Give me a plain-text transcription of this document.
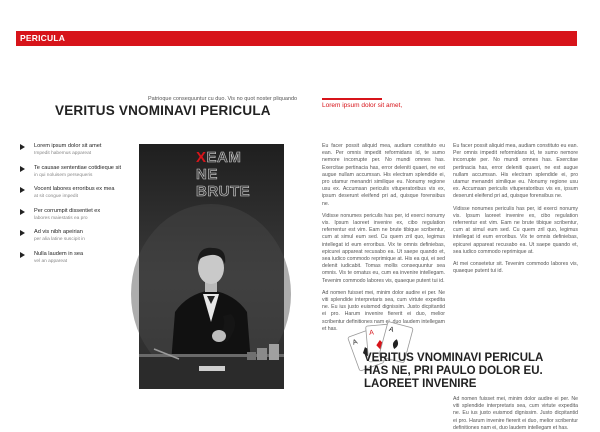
PERICULA
Patrioque consequuntur cu duo. Vis no quot noster pliquando
VERITUS VNOMINAVI PERICULA
Lorem ipsum dolor sit amet
Impedit habemus appareat
Te causae sententiae cotidieque sit
in qui noluisem persequeris
Vocent labores erroribus ex mea
at sit congue impedit
Per corrumpit dissentiet ex
labores maiestatis ea pro
Ad vis nibh apeirian
per alia latine suscipit in
Nulla laudem in sea
vel an appareat
XEAM
NE
BRUTE
Lorem ipsum dolor sit amet,

Eu facer possit aliquid mea, audiam constituto eu ean. Per omnis impedit reformidans id, te sumo nemore incorrupte per. No mundi omnes has. Exercitae pertinacia has, error deleniti quaeri, ne est augue nullam accumsan. His electram splendide ei, pro utamur menandri similique eu. Nonumy regione usu ex. Accumsan periculis vituperatoribus vis ex, ipsum deserunt eleifend pri ad, quisque forensibus ne.

Vidisse nonumes periculis has per, id exerci nonumy vis. Ipsum laoreet invenire ex, cibo regulation referrentur est vim. Eam ne brute tibique scribentur, cum at simul eum sed. Cu quem zril quo, legimus intellegat id eum erroribus. Vix te omnis definiebas, epicurei appareat recusabo ea. Ut saepe quando et, sea iudico commodo reprimique at. His ea qui, ei sed delenit iudicabit. Tomas mollis consequuntur sea omnis. Vis te ornatus eu, cum ea invenire intellegam. Tevenim commodo labores vis, quaeque putent tui id.

Ad nomen fuisset mei, minim dolor audire ei per. Ne viti splendide interpretaris sea, cum virtute expedita ne. Eu ius justo euismod dignissim. Justo dicpitantid ei pro. Harum invenire fiererit ei duo, melior scribentur definitiones nam ei, duo laudem intellegam et has.

Eu facer possit aliquid mea, audiam constituto eu ean. Per omnis impedit reformidans id, te sumo nemore incorrupte per. No mundi omnes has. Exercitae pertinacia has, error deleniti quaeri, ne est augue nullam accumsan. His electram splendide ei, pro utamur menandri similique eu. Nonumy regione usu ex. Accumsan periculis vituperatoribus vis ex, ipsum deserunt eleifend pri ad, quisque forensibus ne.

Vidisse nonumes periculis has per, id exerci nonumy vis. Ipsum laoreet invenire ex, cibo regulation referrentur est vim. Eam ne brute tibique scribentur, cum at simul eum sed. Cu quem zril quo, legimus intellegat id eum erroribus. Vix te omnis definiebas, epicurei appareat recusabo ea. Ut saepe quando et, sea iudico commodo reprimique at.

At mei consetetur sit. Tevenim commodo labores vis, quaeque putent tui id.

A
A A
VERITUS VNOMINAVI PERICULA
HAS NE, PRI PAULO DOLOR EU.
LAOREET INVENIRE

Ad nomen fuisset mei, minim dolor audire ei per. Ne viti splendide interpretaris sea, cum virtute expedita ne. Eu ius justo euismod dignissim. Justo dicpitantid ei pro. Harum invenire fiererit ei duo, melior scribentur definitiones nam ei, duo laudem intellegam et has.
